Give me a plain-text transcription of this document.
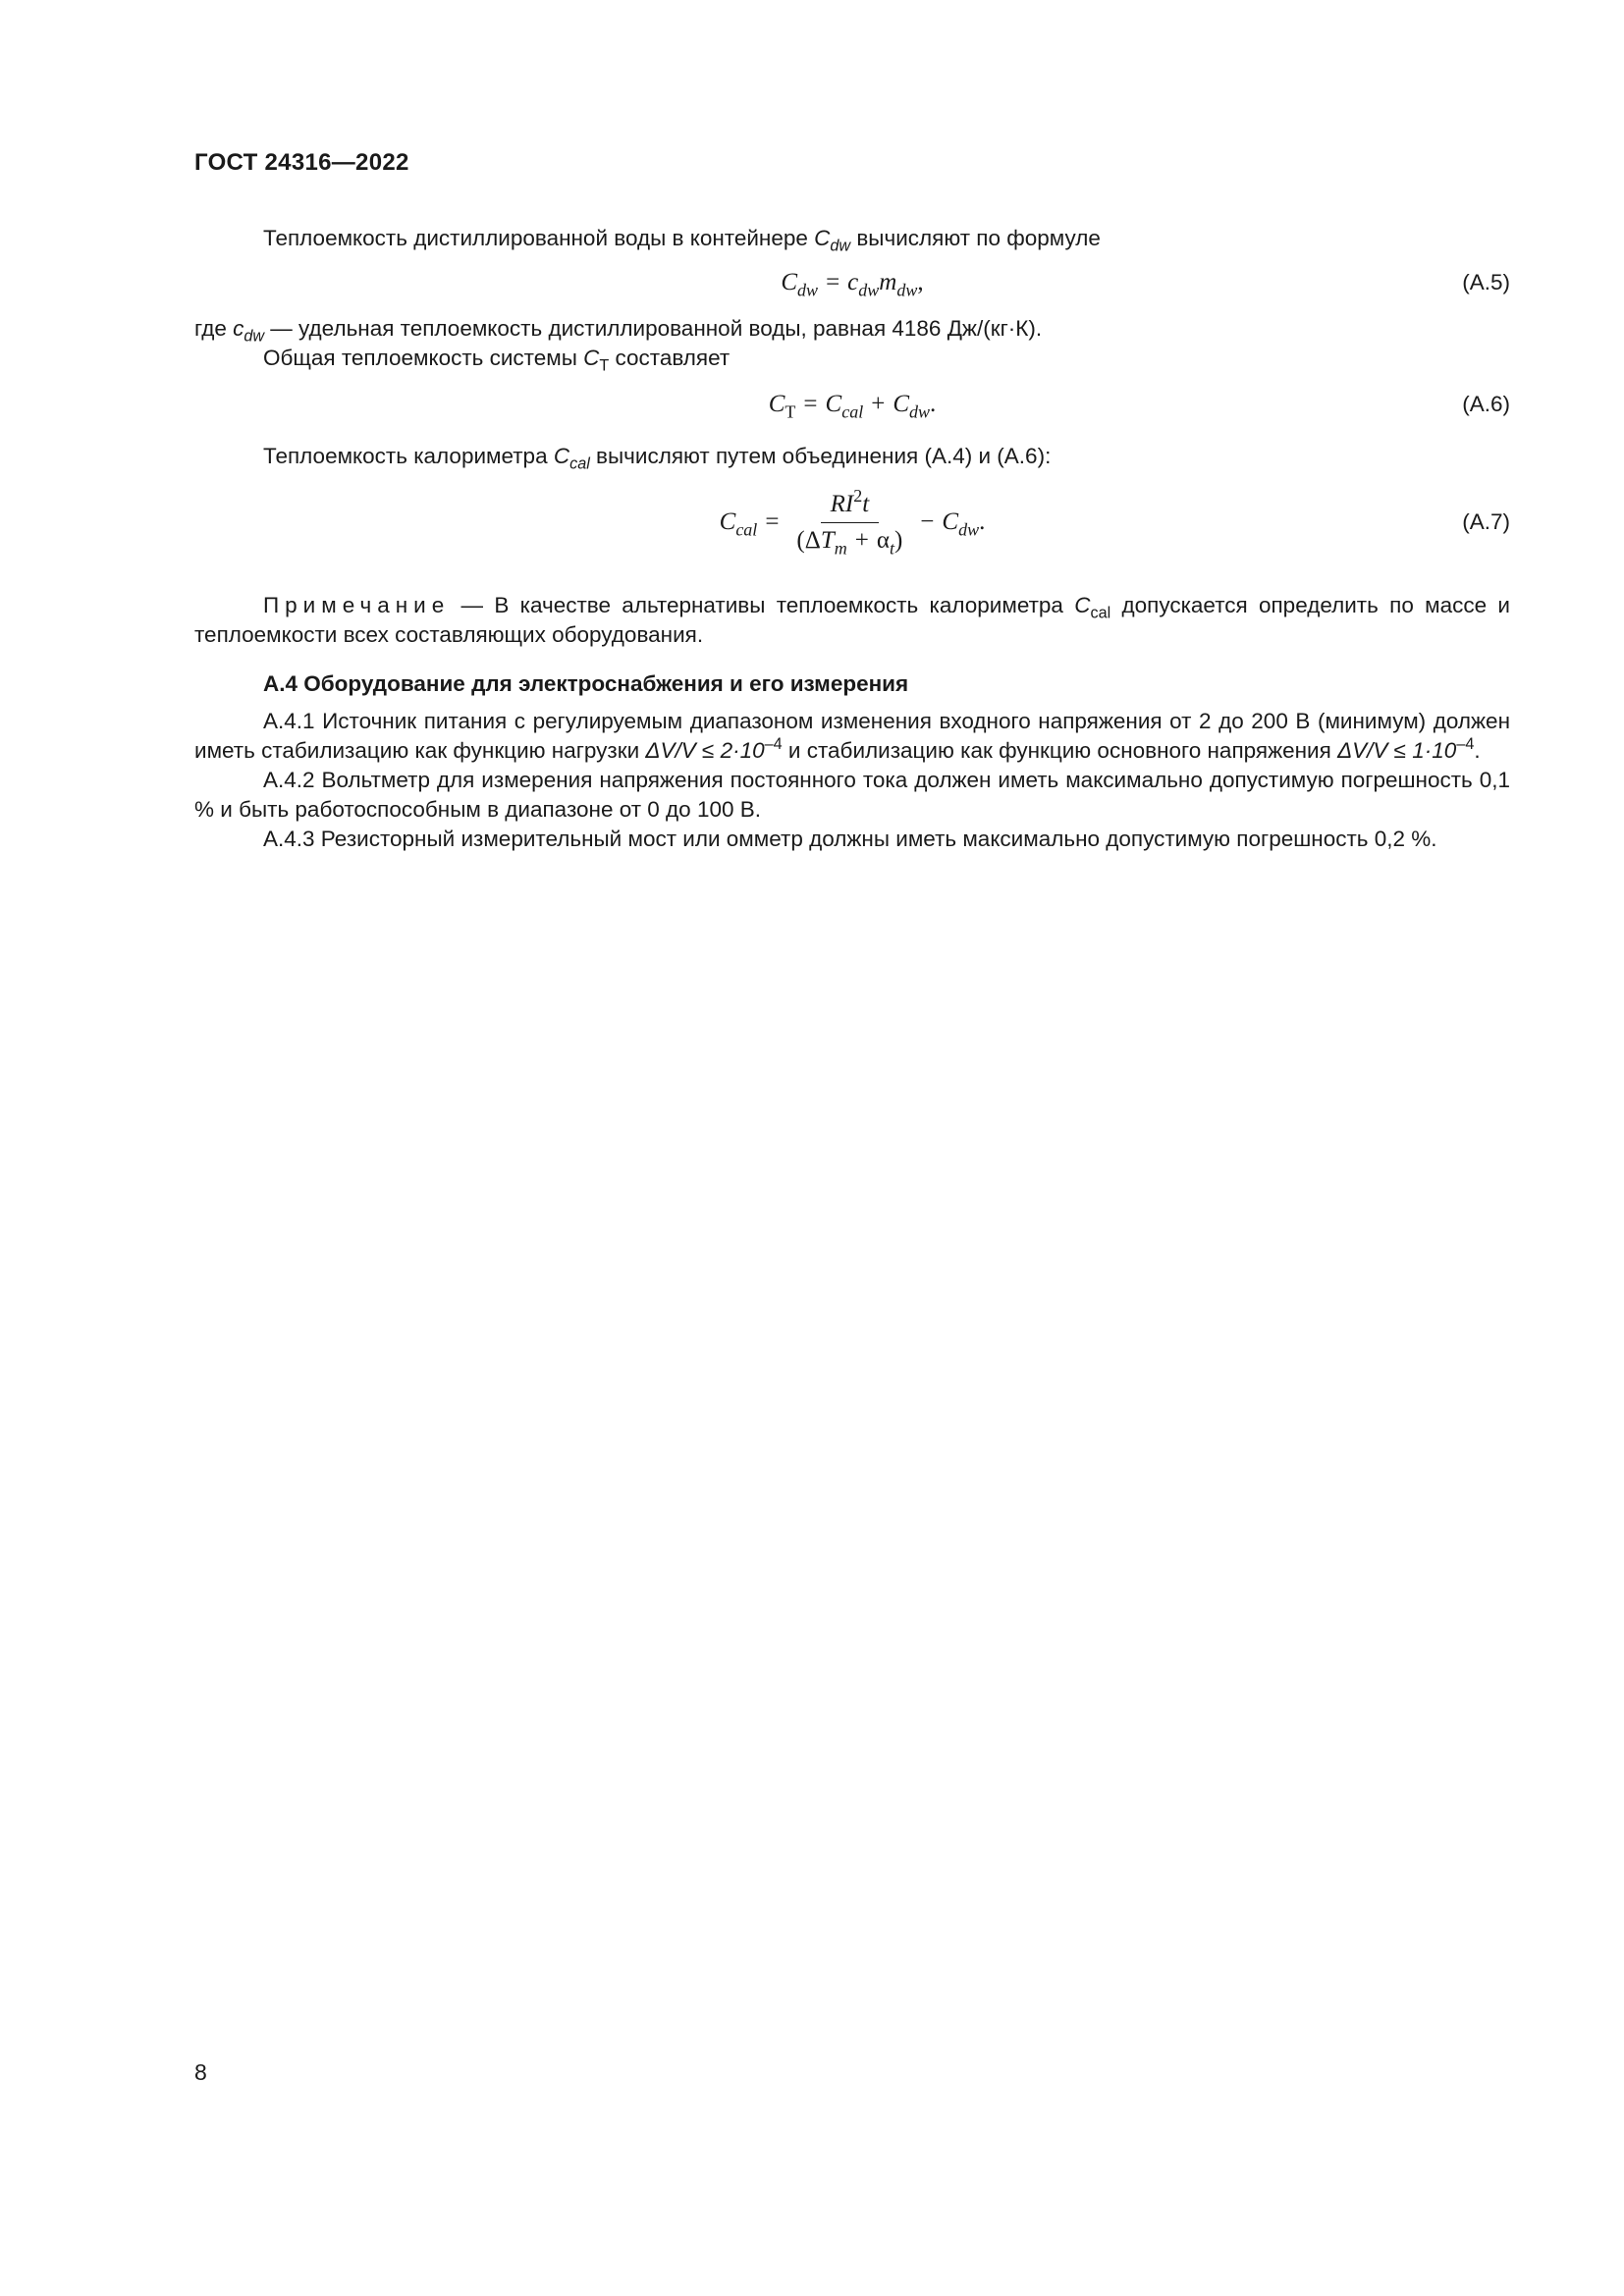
ГОСТ 24316—2022

Теплоемкость дистиллированной воды в контейнере $C_{dw}$ вычисляют по формуле

$C_{dw} = c_{dw}m_{dw}$,	(А.5)

где $c_{dw}$ — удельная теплоемкость дистиллированной воды, равная 4186 Дж/(кг·К).

Общая теплоемкость системы $C_T$ составляет

$C_T = C_{cal} + C_{dw}$.	(А.6)

Теплоемкость калориметра $C_{cal}$ вычисляют путем объединения (А.4) и (А.6):

$C_{cal} = \frac{RI^2t}{(\Delta T_m + \alpha_t)} - C_{dw}$.	(А.7)

Примечание — В качестве альтернативы теплоемкость калориметра $C_{cal}$ допускается определить по массе и теплоемкости всех составляющих оборудования.

А.4 Оборудование для электроснабжения и его измерения

А.4.1 Источник питания с регулируемым диапазоном изменения входного напряжения от 2 до 200 В (минимум) должен иметь стабилизацию как функцию нагрузки $\Delta V/V \le 2\cdot 10^{-4}$ и стабилизацию как функцию основного напряжения $\Delta V/V \le 1\cdot 10^{-4}$.

А.4.2 Вольтметр для измерения напряжения постоянного тока должен иметь максимально допустимую погрешность 0,1 % и быть работоспособным в диапазоне от 0 до 100 В.

А.4.3 Резисторный измерительный мост или омметр должны иметь максимально допустимую погрешность 0,2 %.

8
